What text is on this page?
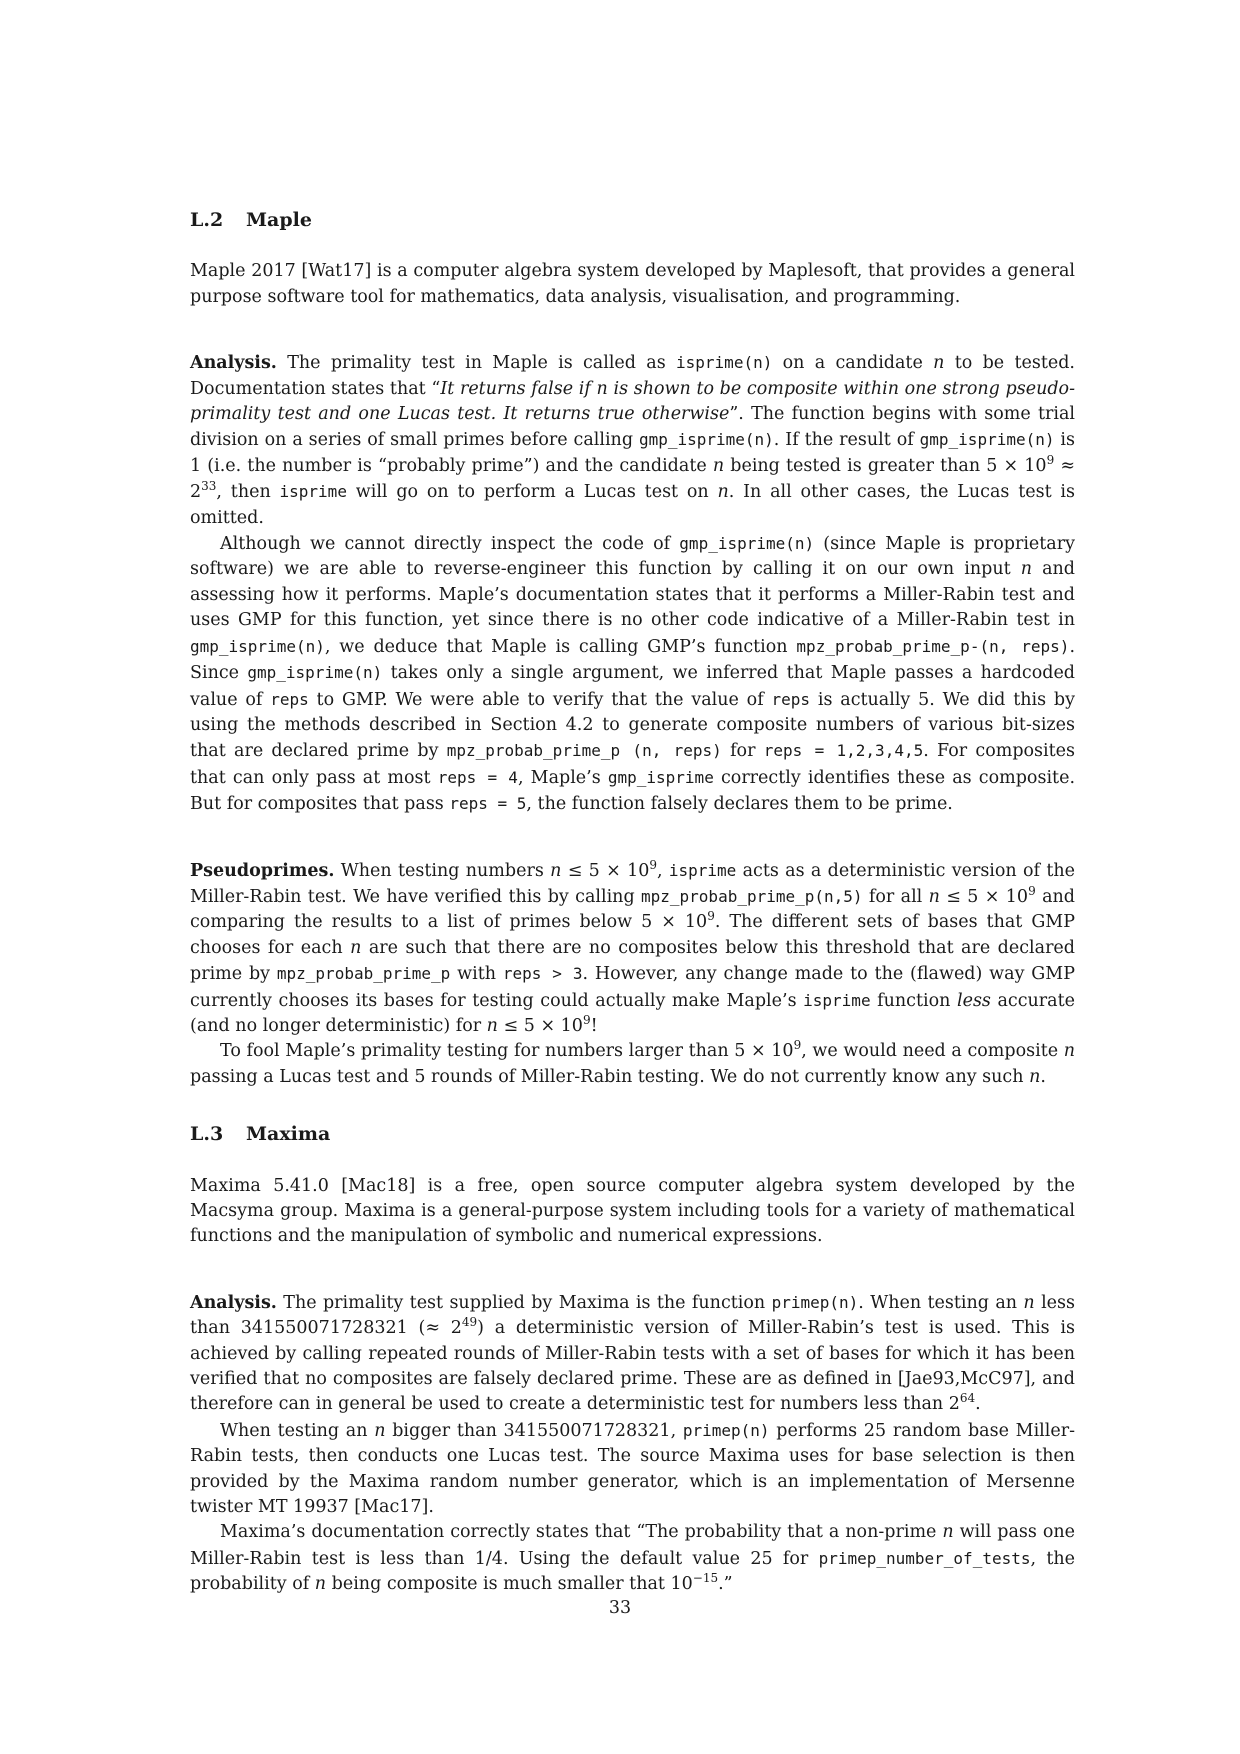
L.2 Maple

Maple 2017 [Wat17] is a computer algebra system developed by Maplesoft, that provides a general purpose software tool for mathematics, data analysis, visualisation, and programming.

Analysis. The primality test in Maple is called as isprime(n) on a candidate n to be tested. Documentation states that “It returns false if n is shown to be composite within one strong pseudo-primality test and one Lucas test. It returns true otherwise”. The function begins with some trial division on a series of small primes before calling gmp_isprime(n). If the result of gmp_isprime(n) is 1 (i.e. the number is “probably prime”) and the candidate n being tested is greater than $5 \times 10^9 \approx 2^{33}$, then isprime will go on to perform a Lucas test on n. In all other cases, the Lucas test is omitted.

Although we cannot directly inspect the code of gmp_isprime(n) (since Maple is proprietary software) we are able to reverse-engineer this function by calling it on our own input n and assessing how it performs. Maple’s documentation states that it performs a Miller-Rabin test and uses GMP for this function, yet since there is no other code indicative of a Miller-Rabin test in gmp_isprime(n), we deduce that Maple is calling GMP’s function mpz_probab_prime_p-(n, reps). Since gmp_isprime(n) takes only a single argument, we inferred that Maple passes a hardcoded value of reps to GMP. We were able to verify that the value of reps is actually 5. We did this by using the methods described in Section 4.2 to generate composite numbers of various bit-sizes that are declared prime by mpz_probab_prime_p (n, reps) for reps = 1,2,3,4,5. For composites that can only pass at most reps = 4, Maple’s gmp_isprime correctly identifies these as composite. But for composites that pass reps = 5, the function falsely declares them to be prime.

Pseudoprimes. When testing numbers $n \le 5 \times 10^9$, isprime acts as a deterministic version of the Miller-Rabin test. We have verified this by calling mpz_probab_prime_p(n,5) for all $n \le 5 \times 10^9$ and comparing the results to a list of primes below $5 \times 10^9$. The different sets of bases that GMP chooses for each n are such that there are no composites below this threshold that are declared prime by mpz_probab_prime_p with reps > 3. However, any change made to the (flawed) way GMP currently chooses its bases for testing could actually make Maple’s isprime function less accurate (and no longer deterministic) for $n \le 5 \times 10^9$!

To fool Maple’s primality testing for numbers larger than $5 \times 10^9$, we would need a composite n passing a Lucas test and 5 rounds of Miller-Rabin testing. We do not currently know any such n.

L.3 Maxima

Maxima 5.41.0 [Mac18] is a free, open source computer algebra system developed by the Macsyma group. Maxima is a general-purpose system including tools for a variety of mathematical functions and the manipulation of symbolic and numerical expressions.

Analysis. The primality test supplied by Maxima is the function primep(n). When testing an n less than 341550071728321 (≈ $2^{49}$) a deterministic version of Miller-Rabin’s test is used. This is achieved by calling repeated rounds of Miller-Rabin tests with a set of bases for which it has been verified that no composites are falsely declared prime. These are as defined in [Jae93,McC97], and therefore can in general be used to create a deterministic test for numbers less than $2^{64}$.

When testing an n bigger than 341550071728321, primep(n) performs 25 random base Miller-Rabin tests, then conducts one Lucas test. The source Maxima uses for base selection is then provided by the Maxima random number generator, which is an implementation of Mersenne twister MT 19937 [Mac17].

Maxima’s documentation correctly states that “The probability that a non-prime n will pass one Miller-Rabin test is less than 1/4. Using the default value 25 for primep_number_of_tests, the probability of n being composite is much smaller that $10^{-15}$.”

33
